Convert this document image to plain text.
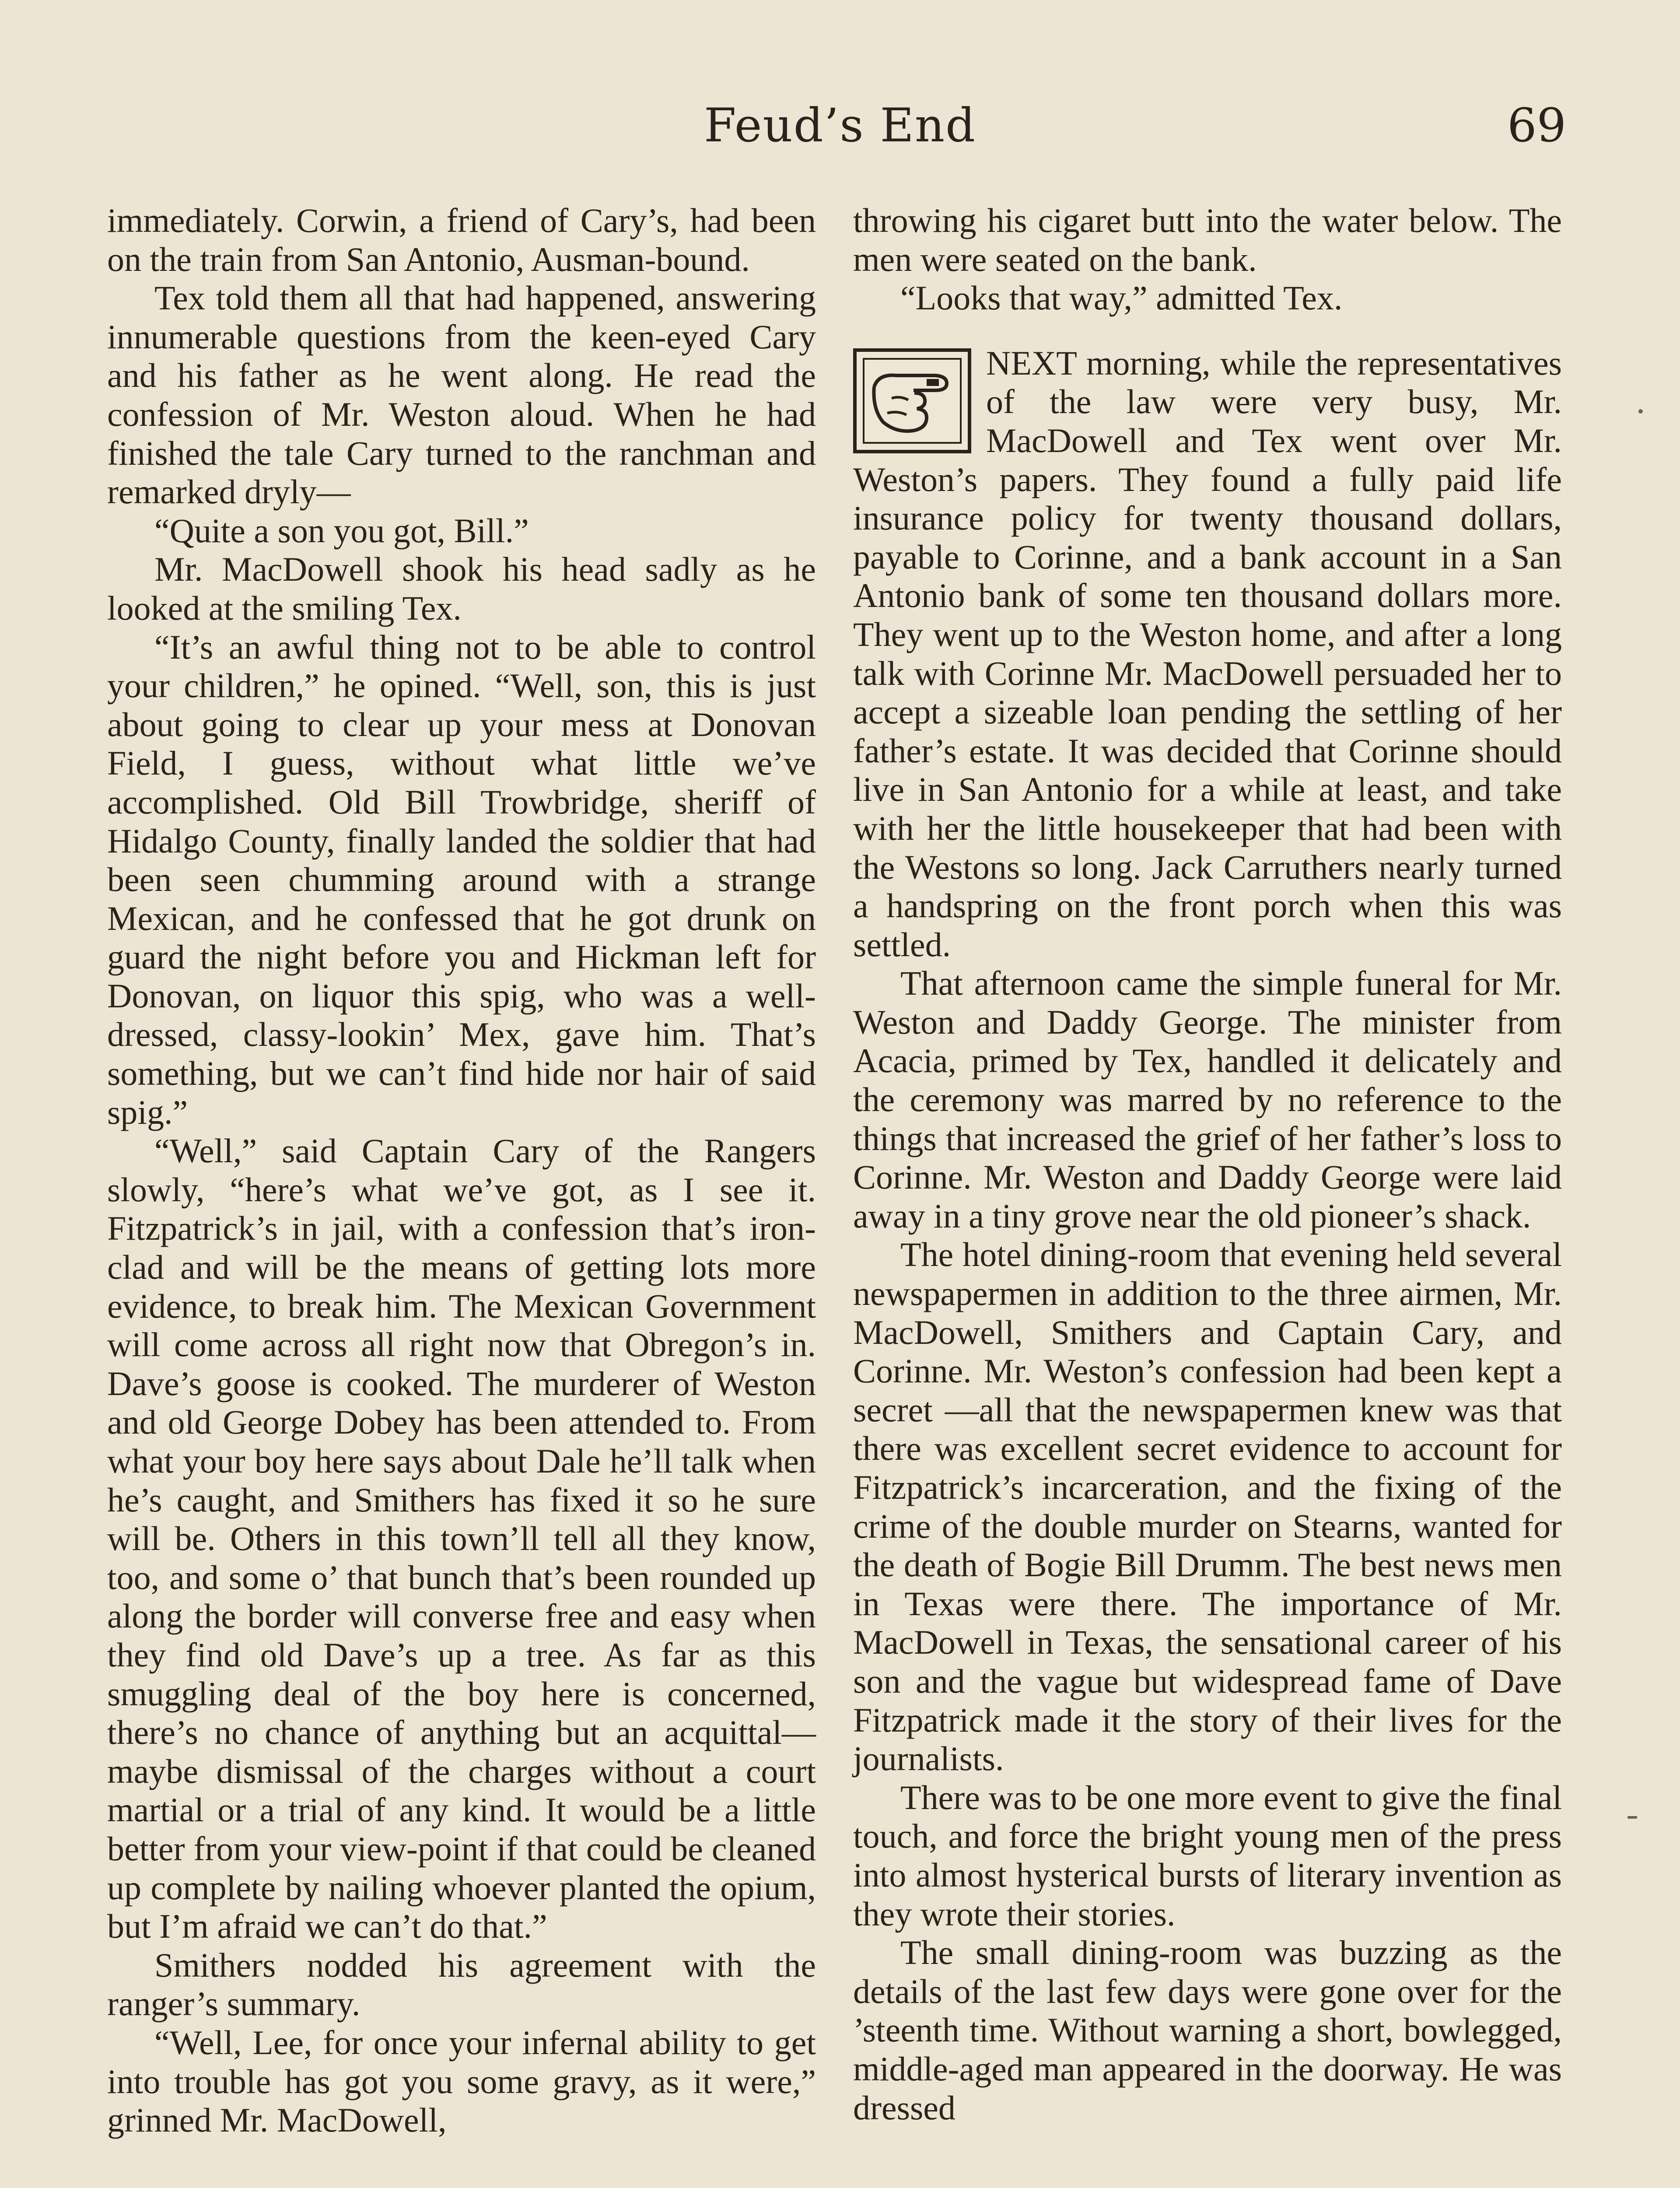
Feud’s End	69

immediately. Corwin, a friend of Cary’s, had been on the train from San Antonio, Ausman-bound.

Tex told them all that had happened, answering innumerable questions from the keen-eyed Cary and his father as he went along. He read the confession of Mr. Weston aloud. When he had finished the tale Cary turned to the ranchman and remarked dryly—

“Quite a son you got, Bill.”

Mr. MacDowell shook his head sadly as he looked at the smiling Tex.

“It’s an awful thing not to be able to control your children,” he opined. “Well, son, this is just about going to clear up your mess at Donovan Field, I guess, without what little we’ve accomplished. Old Bill Trowbridge, sheriff of Hidalgo County, finally landed the soldier that had been seen chumming around with a strange Mexican, and he confessed that he got drunk on guard the night before you and Hickman left for Donovan, on liquor this spig, who was a well-dressed, classy-lookin’ Mex, gave him. That’s something, but we can’t find hide nor hair of said spig.”

“Well,” said Captain Cary of the Rangers slowly, “here’s what we’ve got, as I see it. Fitzpatrick’s in jail, with a confession that’s iron-clad and will be the means of getting lots more evidence, to break him. The Mexican Government will come across all right now that Obregon’s in. Dave’s goose is cooked. The murderer of Weston and old George Dobey has been attended to. From what your boy here says about Dale he’ll talk when he’s caught, and Smithers has fixed it so he sure will be. Others in this town’ll tell all they know, too, and some o’ that bunch that’s been rounded up along the border will converse free and easy when they find old Dave’s up a tree. As far as this smuggling deal of the boy here is concerned, there’s no chance of anything but an acquittal—maybe dismissal of the charges without a court martial or a trial of any kind. It would be a little better from your view-point if that could be cleaned up complete by nailing whoever planted the opium, but I’m afraid we can’t do that.”

Smithers nodded his agreement with the ranger’s summary.

“Well, Lee, for once your infernal ability to get into trouble has got you some gravy, as it were,” grinned Mr. MacDowell,

throwing his cigaret butt into the water below. The men were seated on the bank.

“Looks that way,” admitted Tex.

NEXT morning, while the representatives of the law were very busy, Mr. MacDowell and Tex went over Mr. Weston’s papers. They found a fully paid life insurance policy for twenty thousand dollars, payable to Corinne, and a bank account in a San Antonio bank of some ten thousand dollars more. They went up to the Weston home, and after a long talk with Corinne Mr. MacDowell persuaded her to accept a sizeable loan pending the settling of her father’s estate. It was decided that Corinne should live in San Antonio for a while at least, and take with her the little housekeeper that had been with the Westons so long. Jack Carruthers nearly turned a handspring on the front porch when this was settled.

That afternoon came the simple funeral for Mr. Weston and Daddy George. The minister from Acacia, primed by Tex, handled it delicately and the ceremony was marred by no reference to the things that increased the grief of her father’s loss to Corinne. Mr. Weston and Daddy George were laid away in a tiny grove near the old pioneer’s shack.

The hotel dining-room that evening held several newspapermen in addition to the three airmen, Mr. MacDowell, Smithers and Captain Cary, and Corinne. Mr. Weston’s confession had been kept a secret —all that the newspapermen knew was that there was excellent secret evidence to account for Fitzpatrick’s incarceration, and the fixing of the crime of the double murder on Stearns, wanted for the death of Bogie Bill Drumm. The best news men in Texas were there. The importance of Mr. MacDowell in Texas, the sensational career of his son and the vague but widespread fame of Dave Fitzpatrick made it the story of their lives for the journalists.

There was to be one more event to give the final touch, and force the bright young men of the press into almost hysterical bursts of literary invention as they wrote their stories.

The small dining-room was buzzing as the details of the last few days were gone over for the ’steenth time. Without warning a short, bowlegged, middle-aged man appeared in the doorway. He was dressed
